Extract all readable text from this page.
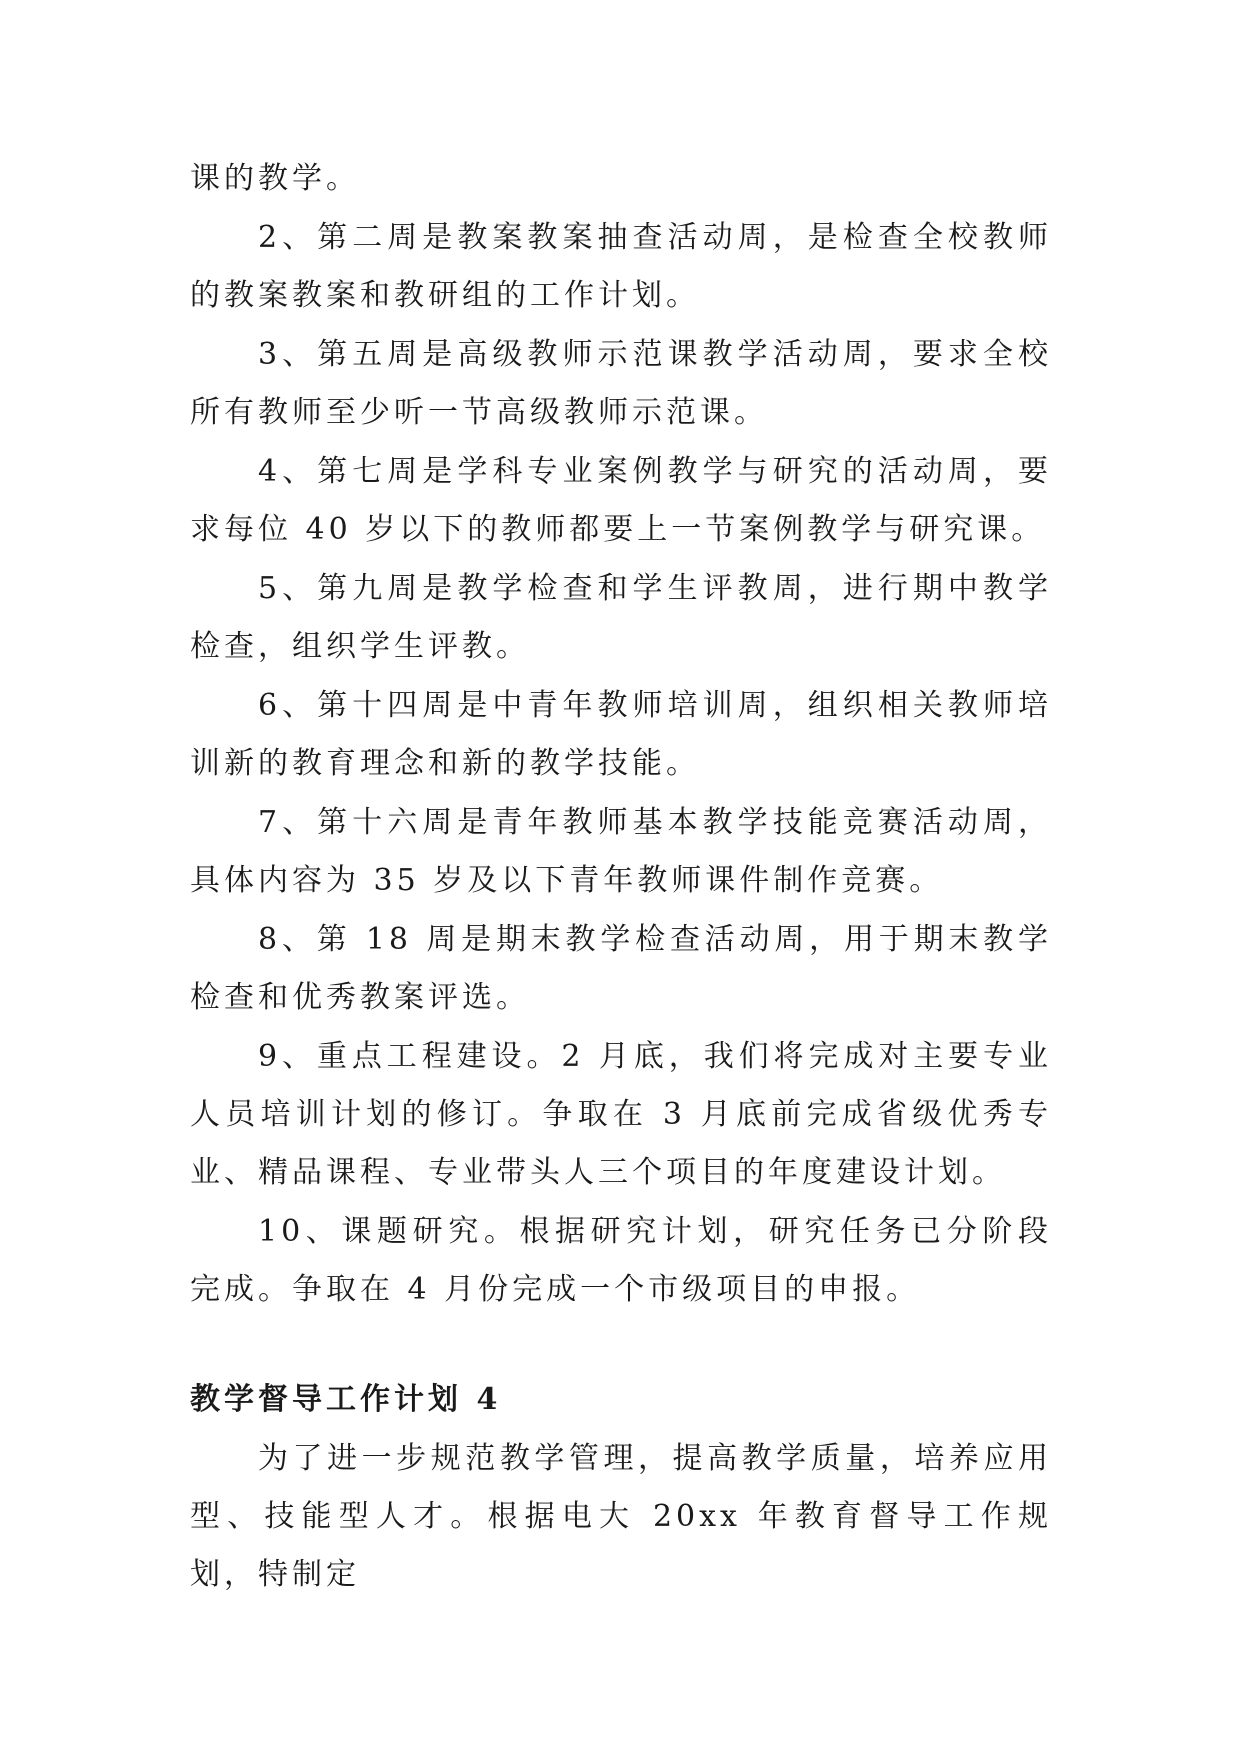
课的教学。

2、第二周是教案教案抽查活动周，是检查全校教师的教案教案和教研组的工作计划。

3、第五周是高级教师示范课教学活动周，要求全校所有教师至少听一节高级教师示范课。

4、第七周是学科专业案例教学与研究的活动周，要求每位 40 岁以下的教师都要上一节案例教学与研究课。

5、第九周是教学检查和学生评教周，进行期中教学检查，组织学生评教。

6、第十四周是中青年教师培训周，组织相关教师培训新的教育理念和新的教学技能。

7、第十六周是青年教师基本教学技能竞赛活动周，具体内容为 35 岁及以下青年教师课件制作竞赛。

8、第 18 周是期末教学检查活动周，用于期末教学检查和优秀教案评选。

9、重点工程建设。2 月底，我们将完成对主要专业人员培训计划的修订。争取在 3 月底前完成省级优秀专业、精品课程、专业带头人三个项目的年度建设计划。

10、课题研究。根据研究计划，研究任务已分阶段完成。争取在 4 月份完成一个市级项目的申报。

教学督导工作计划 4

为了进一步规范教学管理，提高教学质量，培养应用型、技能型人才。根据电大 20xx 年教育督导工作规划，特制定
